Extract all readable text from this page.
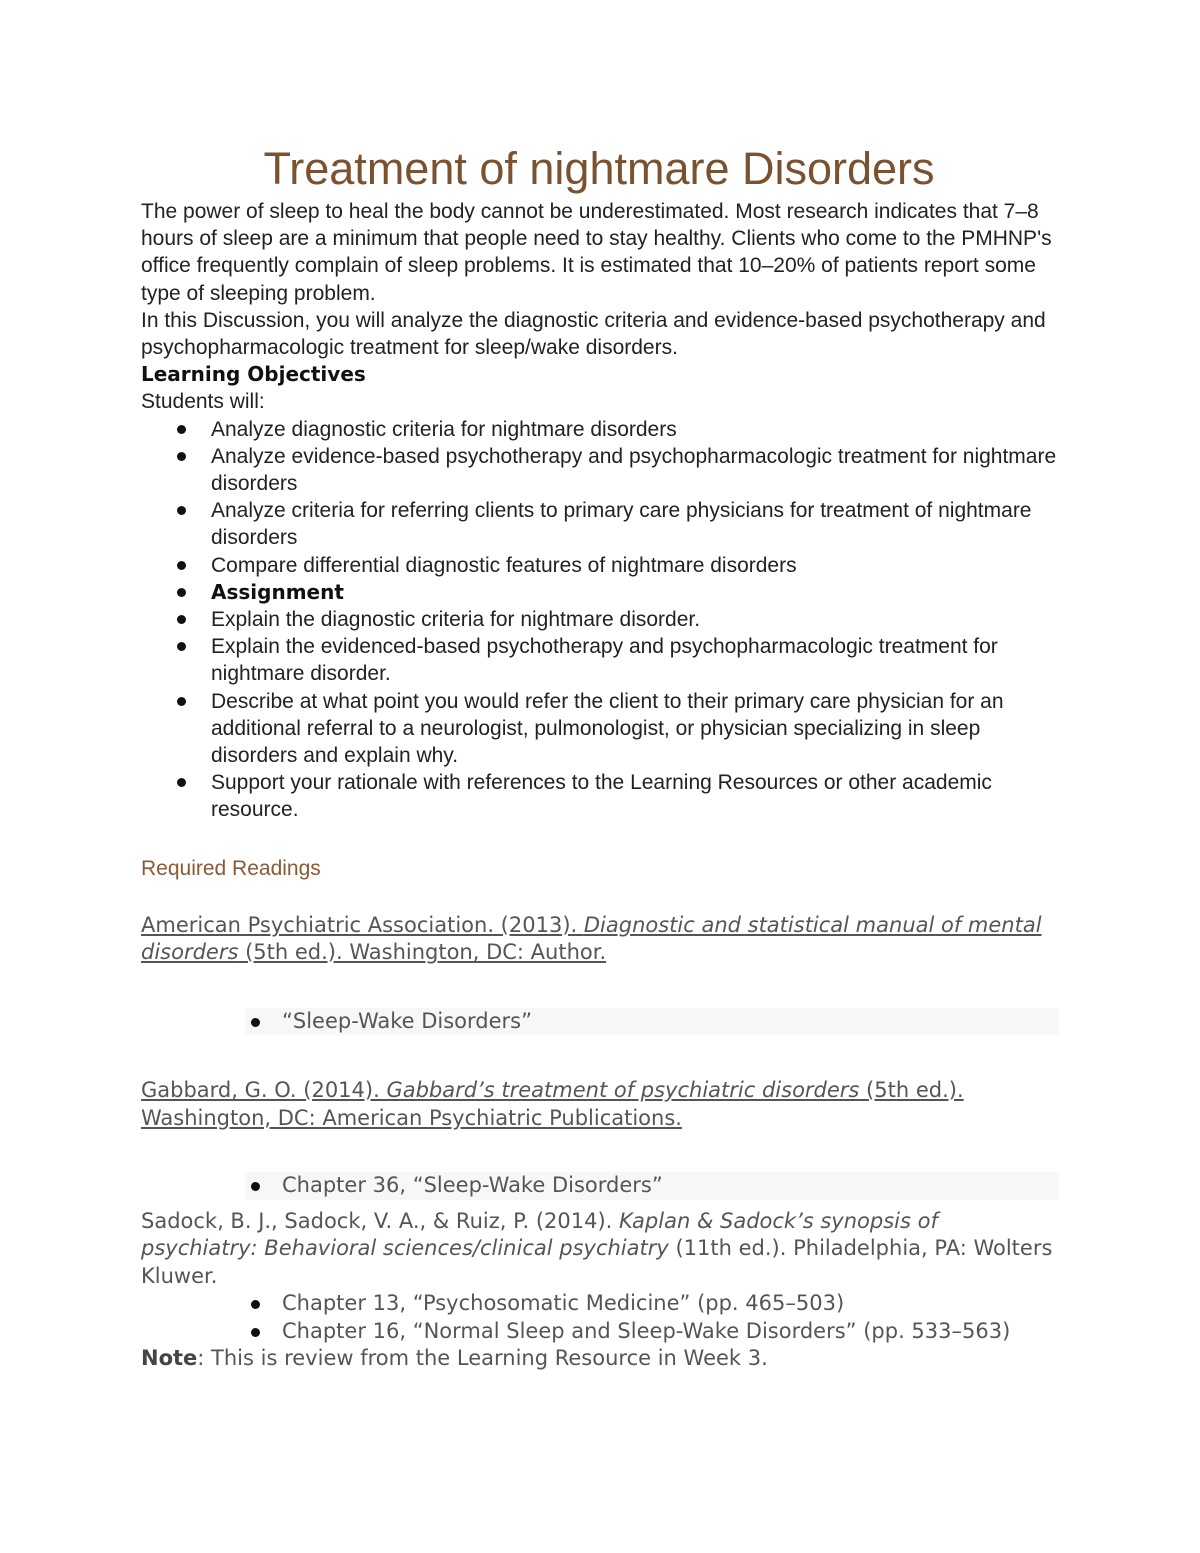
Treatment of nightmare Disorders

The power of sleep to heal the body cannot be underestimated. Most research indicates that 7–8 hours of sleep are a minimum that people need to stay healthy. Clients who come to the PMHNP's office frequently complain of sleep problems. It is estimated that 10–20% of patients report some type of sleeping problem.

In this Discussion, you will analyze the diagnostic criteria and evidence-based psychotherapy and psychopharmacologic treatment for sleep/wake disorders.

Learning Objectives

Students will:

Analyze diagnostic criteria for nightmare disorders
Analyze evidence-based psychotherapy and psychopharmacologic treatment for nightmare disorders
Analyze criteria for referring clients to primary care physicians for treatment of nightmare disorders
Compare differential diagnostic features of nightmare disorders
Assignment
Explain the diagnostic criteria for nightmare disorder.
Explain the evidenced-based psychotherapy and psychopharmacologic treatment for nightmare disorder.
Describe at what point you would refer the client to their primary care physician for an additional referral to a neurologist, pulmonologist, or physician specializing in sleep disorders and explain why.
Support your rationale with references to the Learning Resources or other academic resource.

Required Readings

American Psychiatric Association. (2013). Diagnostic and statistical manual of mental disorders (5th ed.). Washington, DC: Author.

“Sleep-Wake Disorders”

Gabbard, G. O. (2014). Gabbard’s treatment of psychiatric disorders (5th ed.). Washington, DC: American Psychiatric Publications.

Chapter 36, “Sleep-Wake Disorders”

Sadock, B. J., Sadock, V. A., & Ruiz, P. (2014). Kaplan & Sadock’s synopsis of psychiatry: Behavioral sciences/clinical psychiatry (11th ed.). Philadelphia, PA: Wolters Kluwer.

Chapter 13, “Psychosomatic Medicine” (pp. 465–503)
Chapter 16, “Normal Sleep and Sleep-Wake Disorders” (pp. 533–563)

Note: This is review from the Learning Resource in Week 3.
